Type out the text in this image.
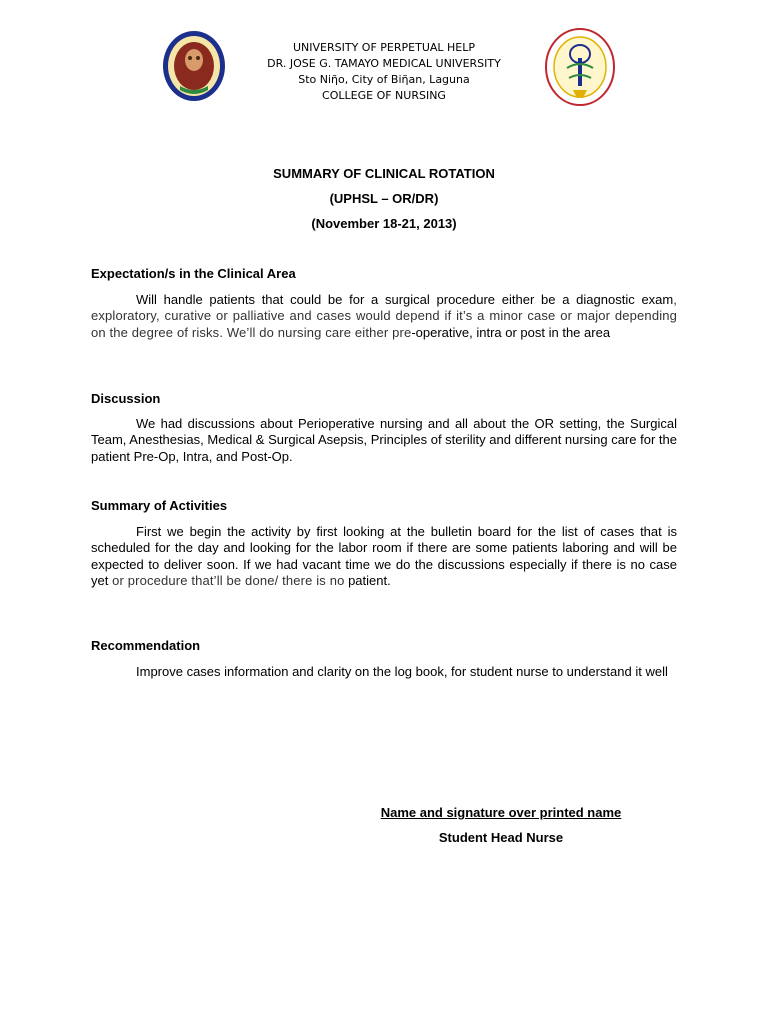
UNIVERSITY OF PERPETUAL HELP
DR. JOSE G. TAMAYO MEDICAL UNIVERSITY
Sto Niῆo, City of Biῆan, Laguna
COLLEGE OF NURSING
SUMMARY OF CLINICAL ROTATION
(UPHSL – OR/DR)
(November 18-21, 2013)
Expectation/s in the Clinical Area
Will handle patients that could be for a surgical procedure either be a diagnostic exam, exploratory, curative or palliative and cases would depend if it’s a minor case or major depending on the degree of risks. We’ll do nursing care either pre-operative, intra or post in the area
Discussion
We had discussions about Perioperative nursing and all about the OR setting, the Surgical Team, Anesthesias, Medical & Surgical Asepsis, Principles of sterility and different nursing care for the patient Pre-Op, Intra, and Post-Op.
Summary of Activities
First we begin the activity by first looking at the bulletin board for the list of cases that is scheduled for the day and looking for the labor room if there are some patients laboring and will be expected to deliver soon. If we had vacant time we do the discussions especially if there is no case yet or procedure that’ll be done/ there is no patient.
Recommendation
Improve cases information and clarity on the log book, for student nurse to understand it well
Name and signature over printed name
Student Head Nurse
